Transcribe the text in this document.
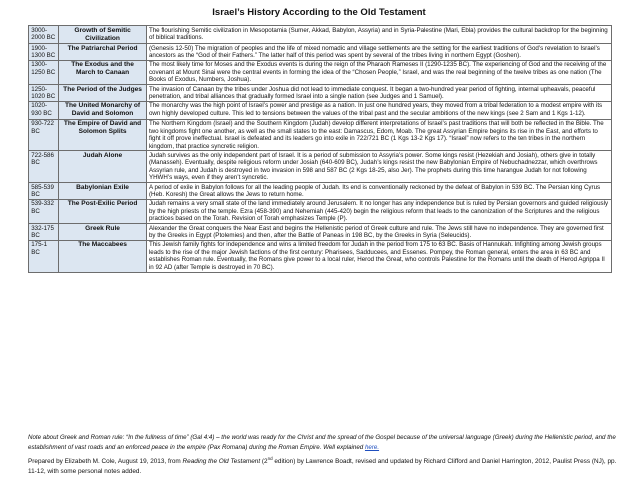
Israel’s History According to the Old Testament
3000-2000 BC	Growth of Semitic Civilization	The flourishing Semitic civilization in Mesopotamia (Sumer, Akkad, Babylon, Assyria) and in Syria-Palestine (Mari, Ebla) provides the cultural backdrop for the beginning of biblical traditions.
1900-1300 BC	The Patriarchal Period	(Genesis 12-50) The migration of peoples and the life of mixed nomadic and village settlements are the setting for the earliest traditions of God’s revelation to Israel’s ancestors as the “God of their Fathers.” The latter half of this period was spent by several of the tribes living in northern Egypt (Goshen).
1300-1250 BC	The Exodus and the March to Canaan	The most likely time for Moses and the Exodus events is during the reign of the Pharaoh Rameses II (1290-1235 BC). The experiencing of God and the receiving of the covenant at Mount Sinai were the central events in forming the idea of the “Chosen People,” Israel, and was the real beginning of the twelve tribes as one nation (The Books of Exodus, Numbers, Joshua).
1250-1020 BC	The Period of the Judges	The invasion of Canaan by the tribes under Joshua did not lead to immediate conquest. It began a two-hundred year period of fighting, internal upheavals, peaceful penetration, and tribal alliances that gradually formed Israel into a single nation (see Judges and 1 Samuel).
1020-930 BC	The United Monarchy of David and Solomon	The monarchy was the high point of Israel’s power and prestige as a nation. In just one hundred years, they moved from a tribal federation to a modest empire with its own highly developed culture. This led to tensions between the values of the tribal past and the secular ambitions of the new kings (see 2 Sam and 1 Kgs 1-12).
930-722 BC	The Empire of David and Solomon Splits	The Northern Kingdom (Israel) and the Southern Kingdom (Judah) develop different interpretations of Israel’s past traditions that will both be reflected in the Bible. The two kingdoms fight one another, as well as the small states to the east: Damascus, Edom, Moab. The great Assyrian Empire begins its rise in the East, and efforts to fight it off prove ineffectual. Israel is defeated and its leaders go into exile in 722/721 BC (1 Kgs 13-2 Kgs 17). “Israel” now refers to the ten tribes in the northern kingdom, that practice syncretic religion.
722-586 BC	Judah Alone	Judah survives as the only independent part of Israel. It is a period of submission to Assyria’s power. Some kings resist (Hezekiah and Josiah), others give in totally (Manasseh). Eventually, despite religious reform under Josiah (640-609 BC), Judah’s kings resist the new Babylonian Empire of Nebuchadnezzar, which overthrows Assyrian rule, and Judah is destroyed in two invasion in 598 and 587 BC (2 Kgs 18-25, also Jer). The prophets during this time harangue Judah for not following YHWH’s ways, even if they aren’t syncretic.
585-539 BC	Babylonian Exile	A period of exile in Babylon follows for all the leading people of Judah. Its end is conventionally reckoned by the defeat of Babylon in 539 BC. The Persian king Cyrus (Heb. Koresh) the Great allows the Jews to return home.
539-332 BC	The Post-Exilic Period	Judah remains a very small state of the land immediately around Jerusalem. It no longer has any independence but is ruled by Persian governors and guided religiously by the high priests of the temple. Ezra (458-390) and Nehemiah (445-420) begin the religious reform that leads to the canonization of the Scriptures and the religious practices based on the Torah. Revision of Torah emphasizes Temple (P).
332-175 BC	Greek Rule	Alexander the Great conquers the Near East and begins the Hellenistic period of Greek culture and rule. The Jews still have no independence. They are governed first by the Greeks in Egypt (Ptolemies) and then, after the Battle of Paneas in 198 BC, by the Greeks in Syria (Seleucids).
175-1 BC	The Maccabees	This Jewish family fights for independence and wins a limited freedom for Judah in the period from 175 to 63 BC. Basis of Hannukah. Infighting among Jewish groups leads to the rise of the major Jewish factions of the first century: Pharisees, Sadducees, and Essenes. Pompey, the Roman general, enters the area in 63 BC and establishes Roman rule. Eventually, the Romans give power to a local ruler, Herod the Great, who controls Palestine for the Romans until the death of Herod Agrippa II in 92 AD (after Temple is destroyed in 70 BC).
Note about Greek and Roman rule: “In the fullness of time” (Gal 4:4) – the world was ready for the Christ and the spread of the Gospel because of the universal language (Greek) during the Hellenistic period, and the establishment of vast roads and an enforced peace in the empire (Pax Romana) during the Roman Empire. Well explained here.
Prepared by Elizabeth M. Cole, August 19, 2013, from Reading the Old Testament (2nd edition) by Lawrence Boadt, revised and updated by Richard Clifford and Daniel Harrington, 2012, Paulist Press (NJ), pp. 11-12, with some personal notes added.
